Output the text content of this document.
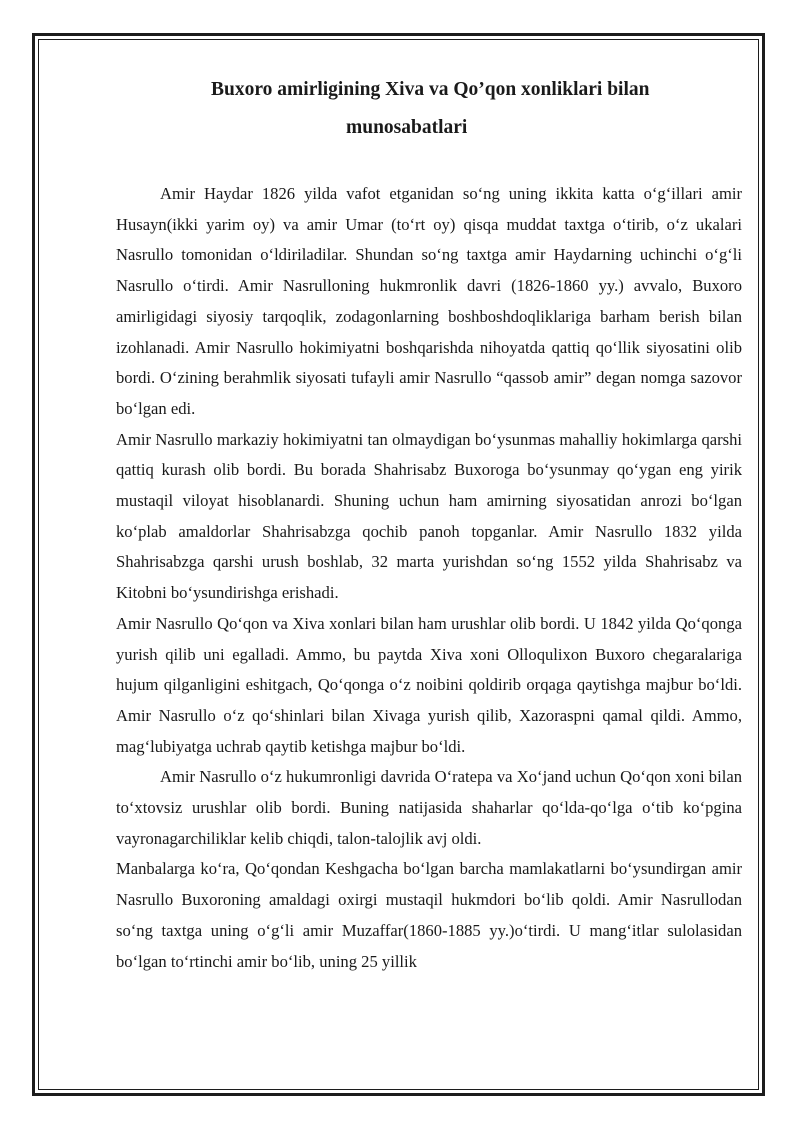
Buxoro amirligining Xiva va Qo’qon xonliklari bilan
munosabatlari

Amir Haydar 1826 yilda vafot etganidan so‘ng uning ikkita katta o‘g‘illari amir Husayn(ikki yarim oy) va amir Umar (to‘rt oy) qisqa muddat taxtga o‘tirib, o‘z ukalari Nasrullo tomonidan o‘ldiriladilar. Shundan so‘ng taxtga amir Haydarning uchinchi o‘g‘li Nasrullo o‘tirdi. Amir Nasrulloning hukmronlik davri (1826-1860 yy.) avvalo, Buxoro amirligidagi siyosiy tarqoqlik, zodagonlarning boshboshdoqliklariga barham berish bilan izohlanadi. Amir Nasrullo hokimiyatni boshqarishda nihoyatda qattiq qo‘llik siyosatini olib bordi. O‘zining berahmlik siyosati tufayli amir Nasrullo “qassob amir” degan nomga sazovor bo‘lgan edi.

Amir Nasrullo markaziy hokimiyatni tan olmaydigan bo‘ysunmas mahalliy hokimlarga qarshi qattiq kurash olib bordi. Bu borada Shahrisabz Buxoroga bo‘ysunmay qo‘ygan eng yirik mustaqil viloyat hisoblanardi. Shuning uchun ham amirning siyosatidan anrozi bo‘lgan ko‘plab amaldorlar Shahrisabzga qochib panoh topganlar. Amir Nasrullo 1832 yilda Shahrisabzga qarshi urush boshlab, 32 marta yurishdan so‘ng 1552 yilda Shahrisabz va Kitobni bo‘ysundirishga erishadi.

Amir Nasrullo Qo‘qon va Xiva xonlari bilan ham urushlar olib bordi. U 1842 yilda Qo‘qonga yurish qilib uni egalladi. Ammo, bu paytda Xiva xoni Olloqulixon Buxoro chegaralariga hujum qilganligini eshitgach, Qo‘qonga o‘z noibini qoldirib orqaga qaytishga majbur bo‘ldi. Amir Nasrullo o‘z qo‘shinlari bilan Xivaga yurish qilib, Xazoraspni qamal qildi. Ammo, mag‘lubiyatga uchrab qaytib ketishga majbur bo‘ldi.

Amir Nasrullo o‘z hukumronligi davrida O‘ratepa va Xo‘jand uchun Qo‘qon xoni bilan to‘xtovsiz urushlar olib bordi. Buning natijasida shaharlar qo‘lda-qo‘lga o‘tib ko‘pgina vayronagarchiliklar kelib chiqdi, talon-talojlik avj oldi.

Manbalarga ko‘ra, Qo‘qondan Keshgacha bo‘lgan barcha mamlakatlarni bo‘ysundirgan amir Nasrullo Buxoroning amaldagi oxirgi mustaqil hukmdori bo‘lib qoldi. Amir Nasrullodan so‘ng taxtga uning o‘g‘li amir Muzaffar(1860-1885 yy.)o‘tirdi. U mang‘itlar sulolasidan bo‘lgan to‘rtinchi amir bo‘lib, uning 25 yillik
